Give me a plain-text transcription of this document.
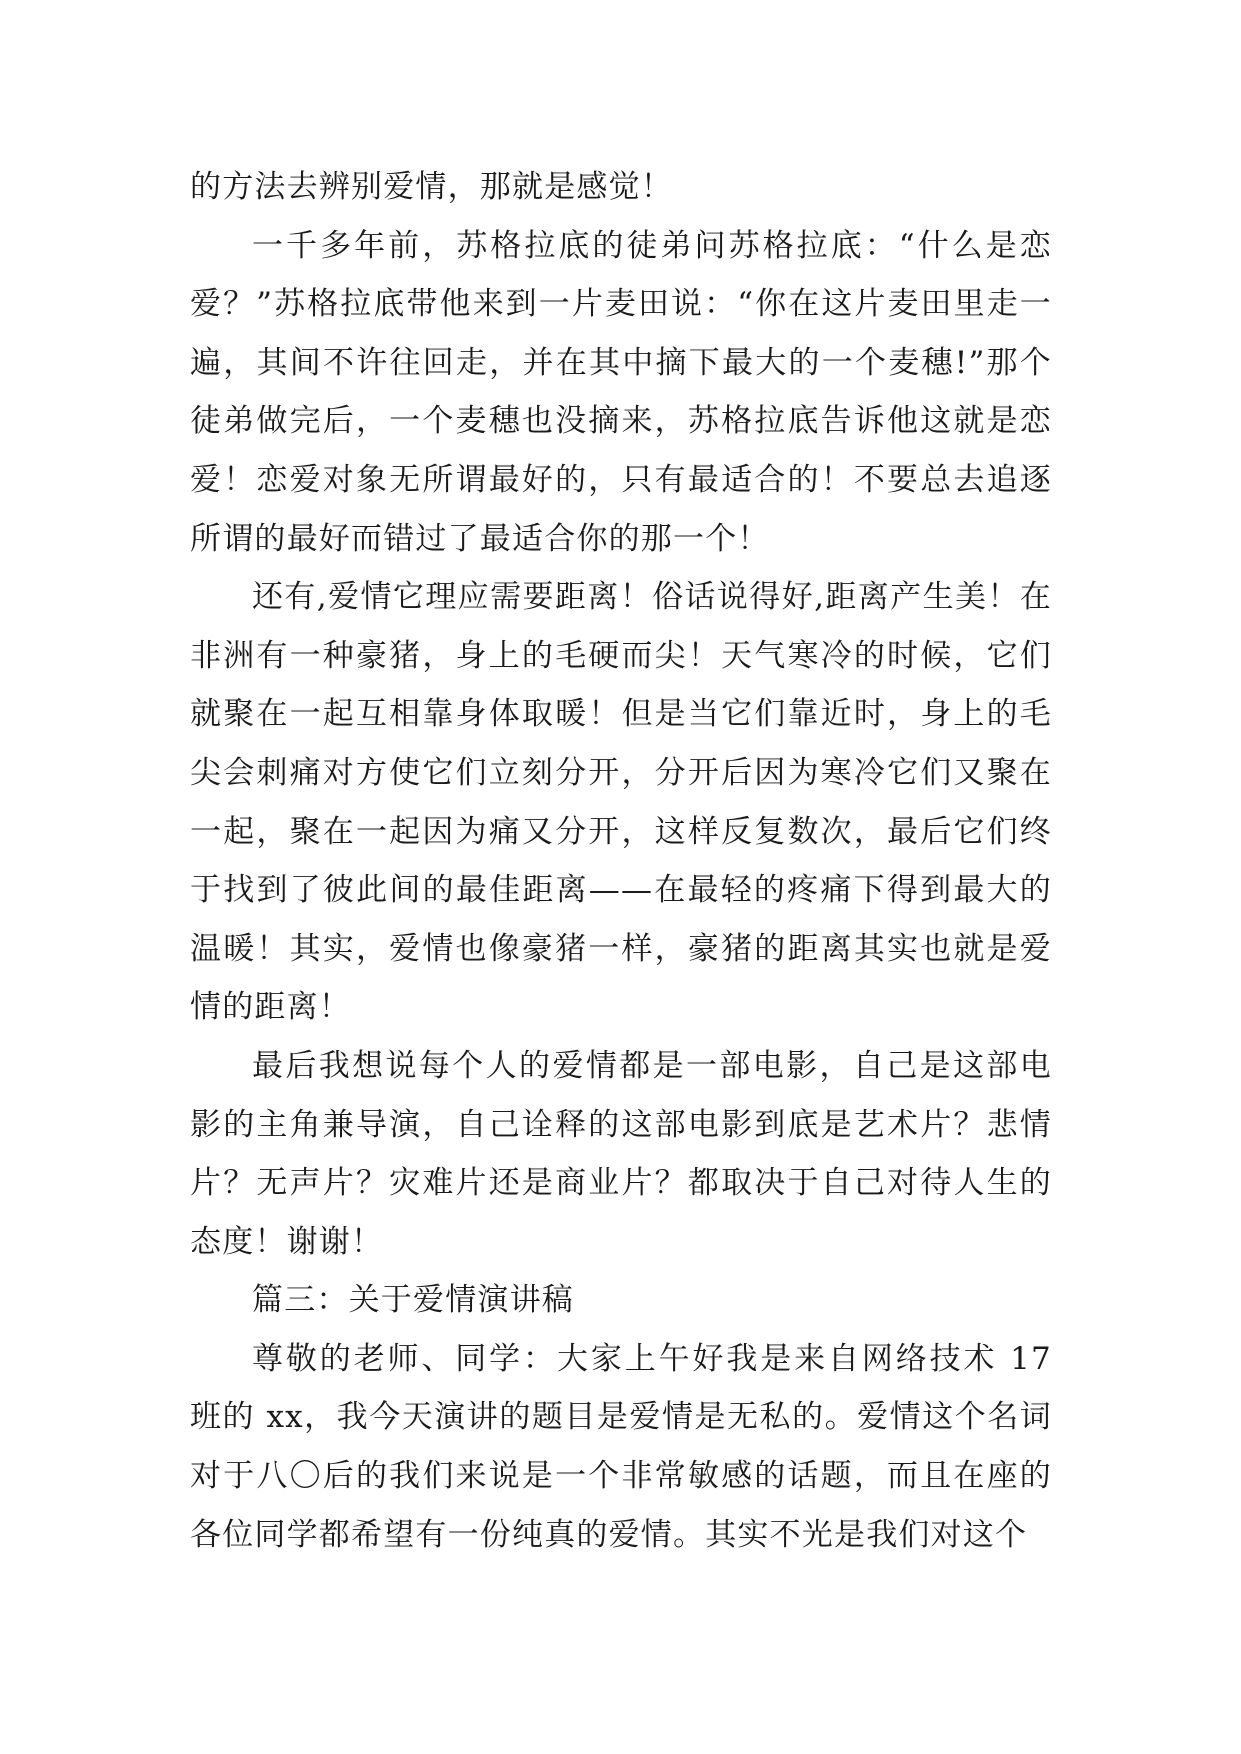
的方法去辨别爱情，那就是感觉！

一千多年前，苏格拉底的徒弟问苏格拉底：“什么是恋爱？”苏格拉底带他来到一片麦田说：“你在这片麦田里走一遍，其间不许往回走，并在其中摘下最大的一个麦穗!”那个徒弟做完后，一个麦穗也没摘来，苏格拉底告诉他这就是恋爱！恋爱对象无所谓最好的，只有最适合的！不要总去追逐所谓的最好而错过了最适合你的那一个！

还有,爱情它理应需要距离！俗话说得好,距离产生美！在非洲有一种豪猪，身上的毛硬而尖！天气寒冷的时候，它们就聚在一起互相靠身体取暖！但是当它们靠近时，身上的毛尖会刺痛对方使它们立刻分开，分开后因为寒冷它们又聚在一起，聚在一起因为痛又分开，这样反复数次，最后它们终于找到了彼此间的最佳距离——在最轻的疼痛下得到最大的温暖！其实，爱情也像豪猪一样，豪猪的距离其实也就是爱情的距离！

最后我想说每个人的爱情都是一部电影，自己是这部电影的主角兼导演，自己诠释的这部电影到底是艺术片？悲情片？无声片？灾难片还是商业片？都取决于自己对待人生的态度！谢谢！

篇三：关于爱情演讲稿

尊敬的老师、同学：大家上午好我是来自网络技术 17 班的 xx，我今天演讲的题目是爱情是无私的。爱情这个名词对于八〇后的我们来说是一个非常敏感的话题，而且在座的各位同学都希望有一份纯真的爱情。其实不光是我们对这个
